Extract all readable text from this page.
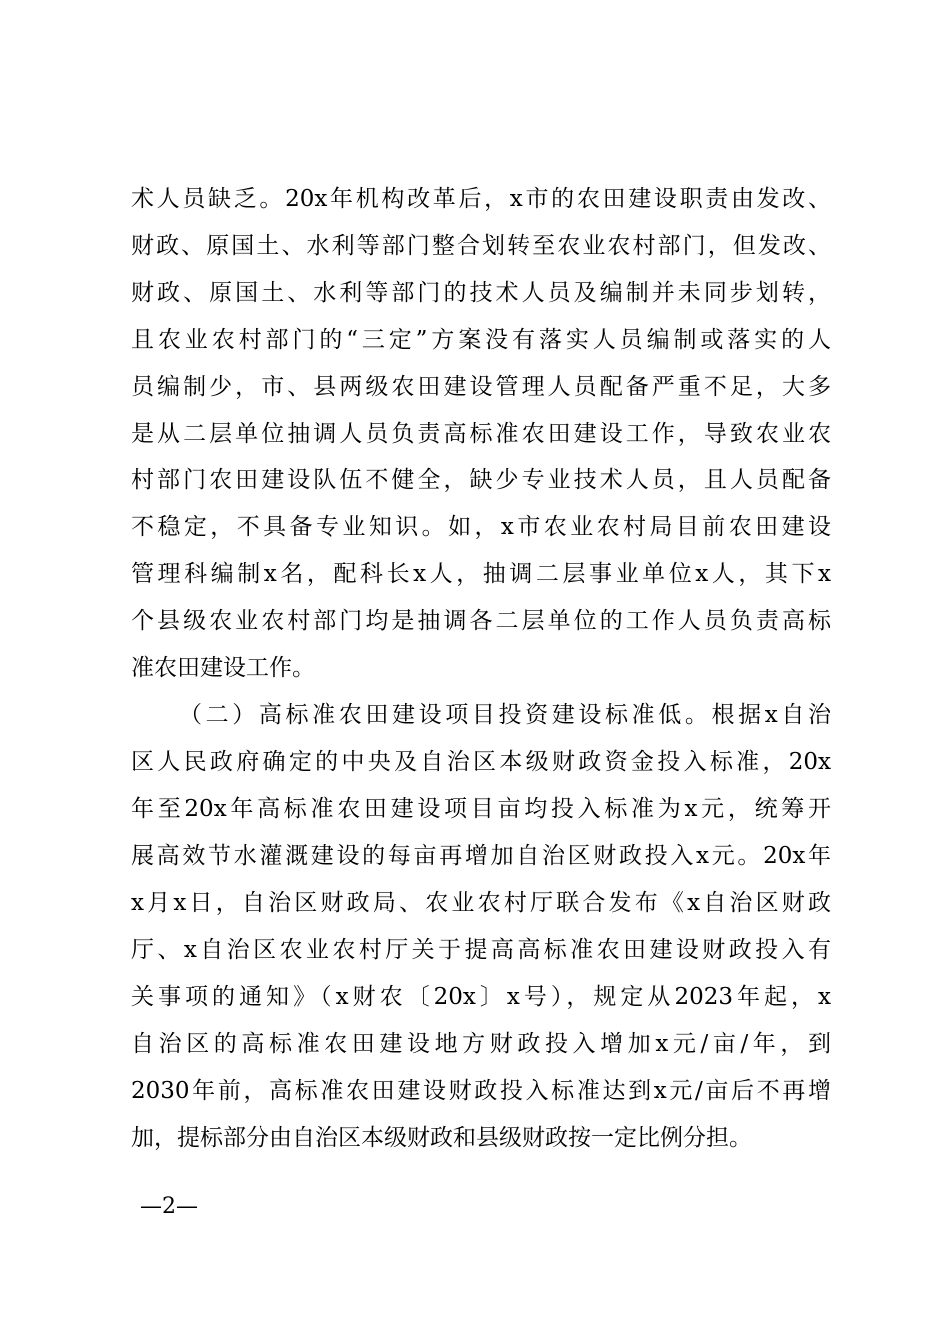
术人员缺乏。20x年机构改革后，x市的农田建设职责由发改、
财政、原国土、水利等部门整合划转至农业农村部门，但发改、
财政、原国土、水利等部门的技术人员及编制并未同步划转，
且农业农村部门的“三定”方案没有落实人员编制或落实的人
员编制少，市、县两级农田建设管理人员配备严重不足，大多
是从二层单位抽调人员负责高标准农田建设工作，导致农业农
村部门农田建设队伍不健全，缺少专业技术人员，且人员配备
不稳定，不具备专业知识。如，x市农业农村局目前农田建设
管理科编制x名，配科长x人，抽调二层事业单位x人，其下x
个县级农业农村部门均是抽调各二层单位的工作人员负责高标
准农田建设工作。
（二）高标准农田建设项目投资建设标准低。根据x自治
区人民政府确定的中央及自治区本级财政资金投入标准，20x
年至20x年高标准农田建设项目亩均投入标准为x元，统筹开
展高效节水灌溉建设的每亩再增加自治区财政投入x元。20x年
x月x日，自治区财政局、农业农村厅联合发布《x自治区财政
厅、x自治区农业农村厅关于提高高标准农田建设财政投入有
关事项的通知》（x财农〔20x〕x号），规定从2023年起，x
自治区的高标准农田建设地方财政投入增加x元/亩/年，到
2030年前，高标准农田建设财政投入标准达到x元/亩后不再增
加，提标部分由自治区本级财政和县级财政按一定比例分担。
—2—
